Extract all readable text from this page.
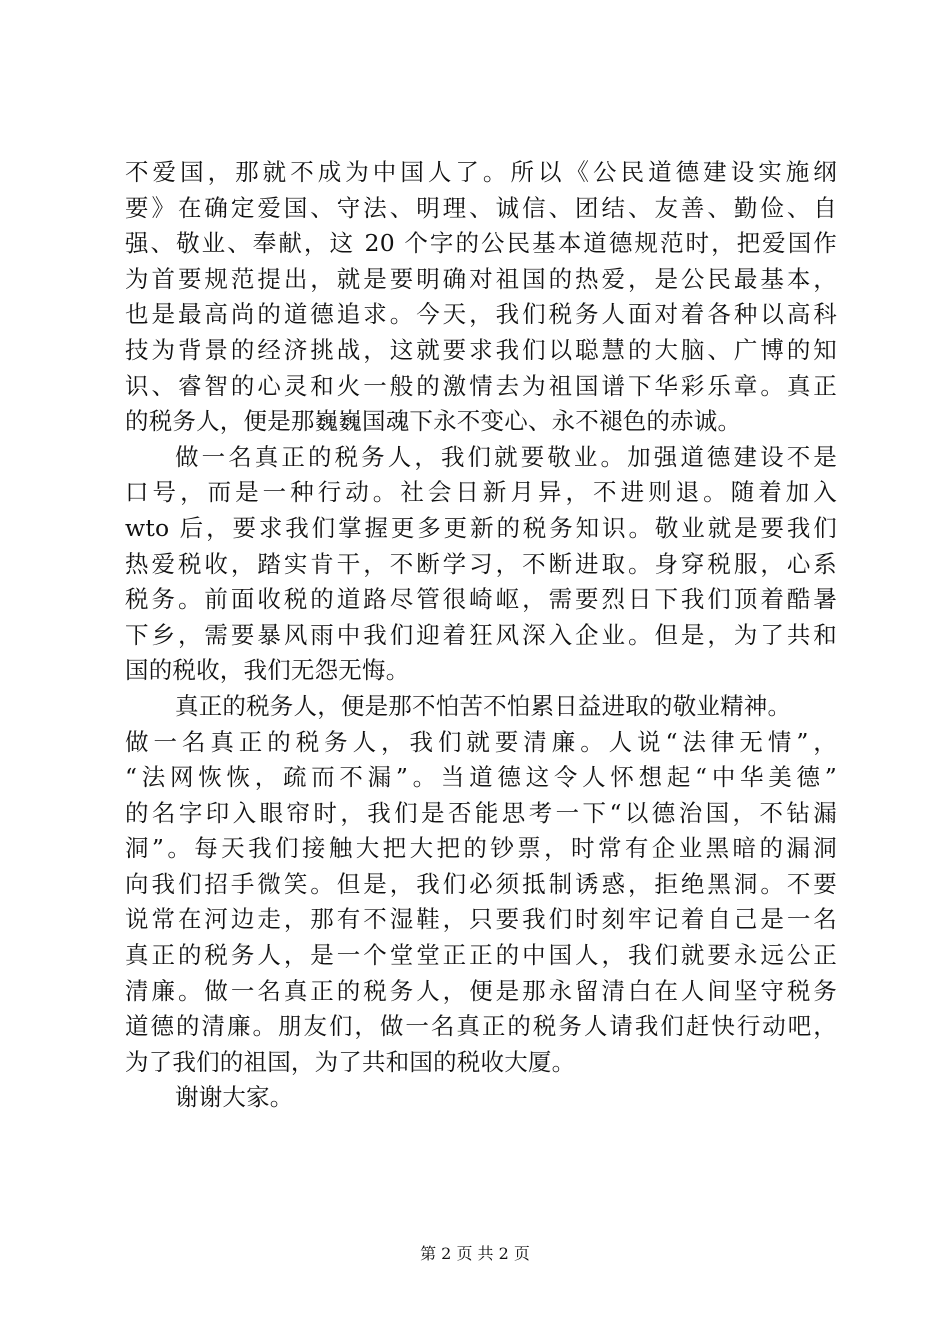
不爱国，那就不成为中国人了。所以《公民道德建设实施纲
要》在确定爱国、守法、明理、诚信、团结、友善、勤俭、自
强、敬业、奉献，这 20 个字的公民基本道德规范时，把爱国作
为首要规范提出，就是要明确对祖国的热爱，是公民最基本，
也是最高尚的道德追求。今天，我们税务人面对着各种以高科
技为背景的经济挑战，这就要求我们以聪慧的大脑、广博的知
识、睿智的心灵和火一般的激情去为祖国谱下华彩乐章。真正
的税务人，便是那巍巍国魂下永不变心、永不褪色的赤诚。
做一名真正的税务人，我们就要敬业。加强道德建设不是
口号，而是一种行动。社会日新月异，不进则退。随着加入
wto 后，要求我们掌握更多更新的税务知识。敬业就是要我们
热爱税收，踏实肯干，不断学习，不断进取。身穿税服，心系
税务。前面收税的道路尽管很崎岖，需要烈日下我们顶着酷暑
下乡，需要暴风雨中我们迎着狂风深入企业。但是，为了共和
国的税收，我们无怨无悔。
真正的税务人，便是那不怕苦不怕累日益进取的敬业精神。
做一名真正的税务人，我们就要清廉。人说“法律无情”，
“法网恢恢，疏而不漏”。当道德这令人怀想起“中华美德”
的名字印入眼帘时，我们是否能思考一下“以德治国，不钻漏
洞”。每天我们接触大把大把的钞票，时常有企业黑暗的漏洞
向我们招手微笑。但是，我们必须抵制诱惑，拒绝黑洞。不要
说常在河边走，那有不湿鞋，只要我们时刻牢记着自己是一名
真正的税务人，是一个堂堂正正的中国人，我们就要永远公正
清廉。做一名真正的税务人，便是那永留清白在人间坚守税务
道德的清廉。朋友们，做一名真正的税务人请我们赶快行动吧，
为了我们的祖国，为了共和国的税收大厦。
谢谢大家。
第 2 页 共 2 页
